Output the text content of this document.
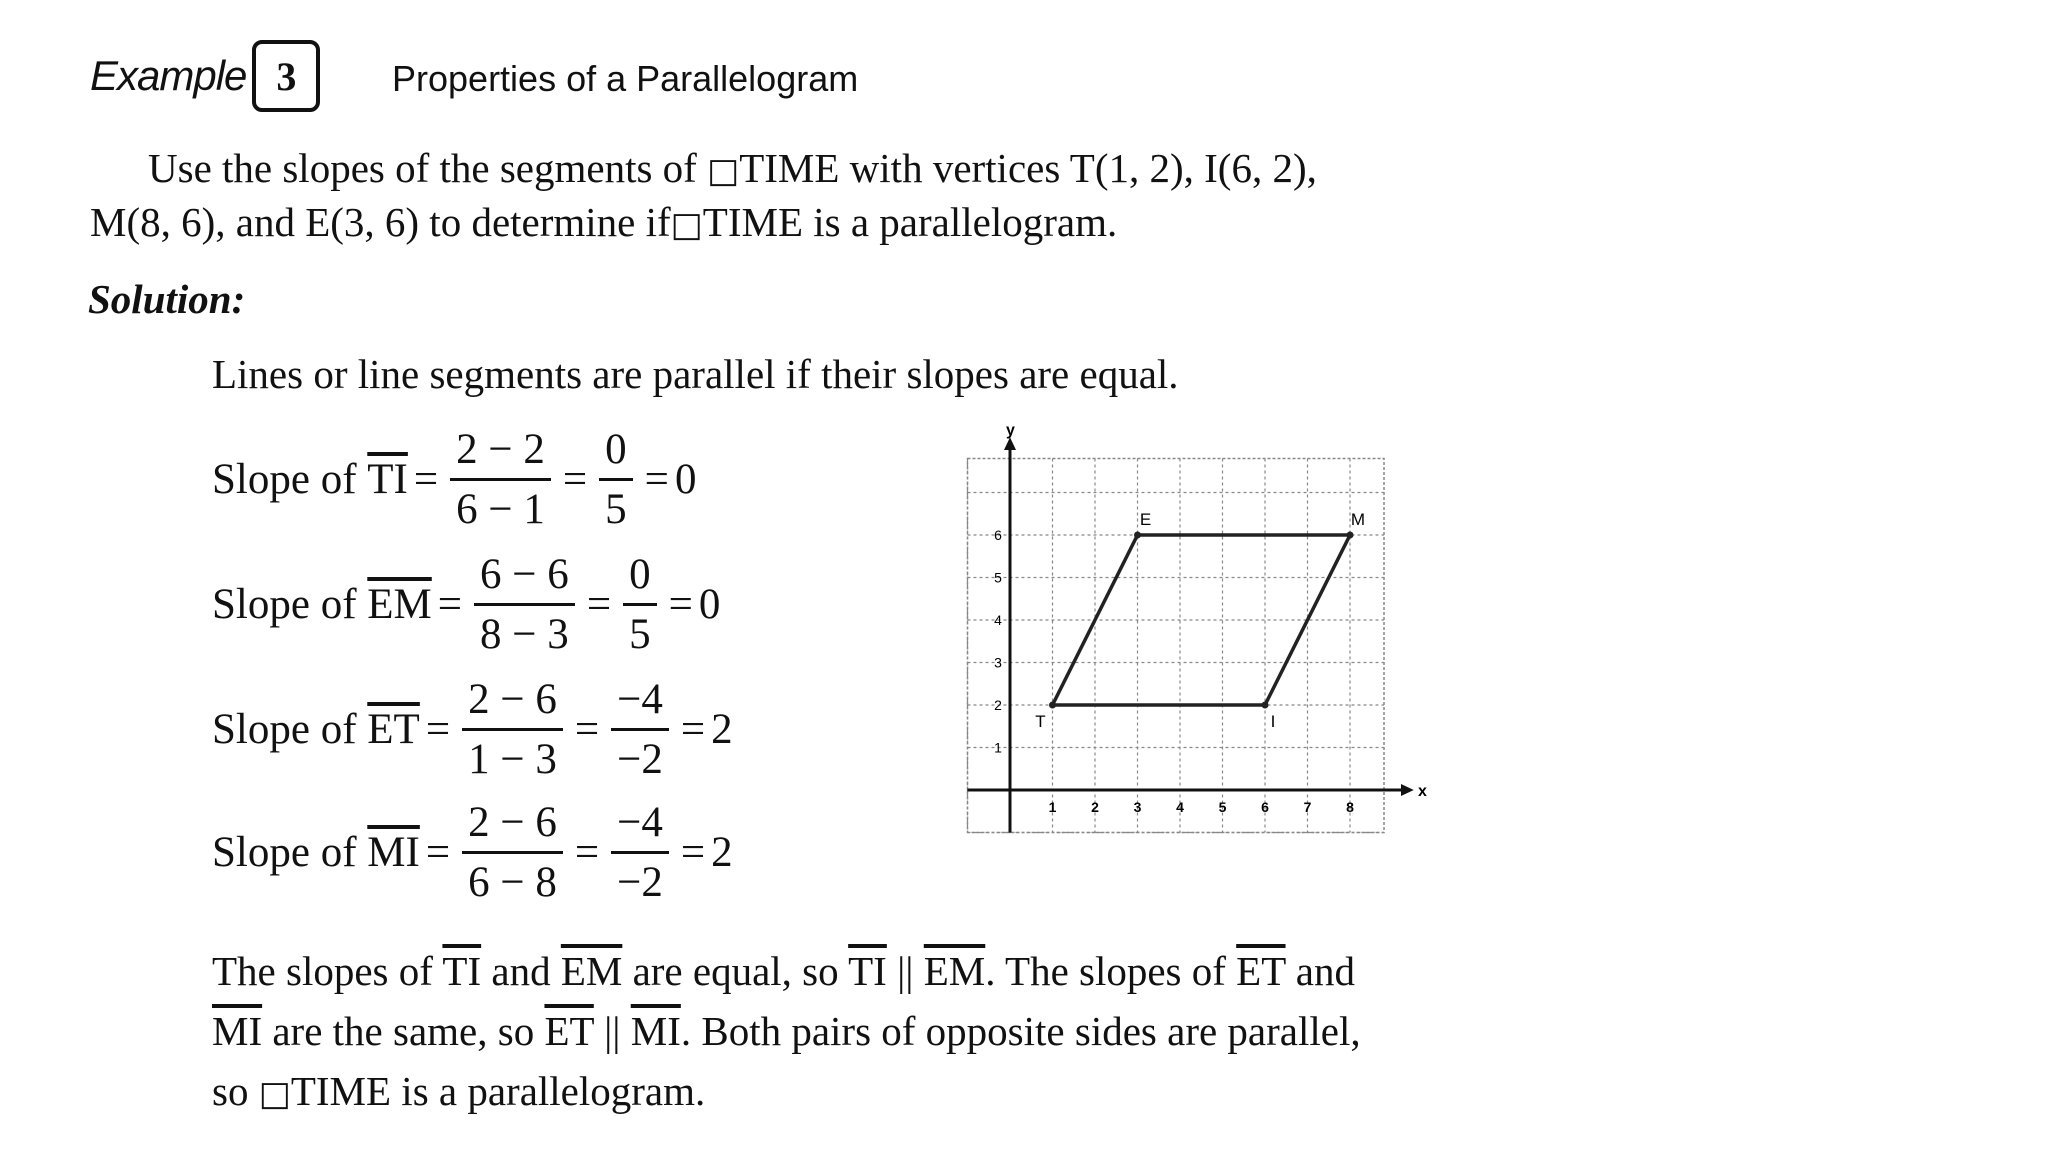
Example 3	Properties of a Parallelogram
Use the slopes of the segments of □TIME with vertices T(1, 2), I(6, 2),
M(8, 6), and E(3, 6) to determine if□TIME is a parallelogram.
Solution:
Lines or line segments are parallel if their slopes are equal.
Slope of
$\overline{TI} = \frac{2 - 2}{6 - 1} = \frac{0}{5} = 0$
Slope of
$\overline{EM} = \frac{6 - 6}{8 - 3} = \frac{0}{5} = 0$
Slope of
$\overline{ET} = \frac{2 - 6}{1 - 3} = \frac{-4}{-2} = 2$
Slope of
$\overline{MI} = \frac{2 - 6}{6 - 8} = \frac{-4}{-2} = 2$
The slopes of $\overline{TI}$ and $\overline{EM}$ are equal, so $\overline{TI}$ || $\overline{EM}$. The slopes of $\overline{ET}$ and
$\overline{MI}$ are the same, so $\overline{ET}$ || $\overline{MI}$. Both pairs of opposite sides are parallel,
so □TIME is a parallelogram.
x
y
1 2 3 4 5 6 7 8
1
2
3
4
5
6
T	I
M
E
